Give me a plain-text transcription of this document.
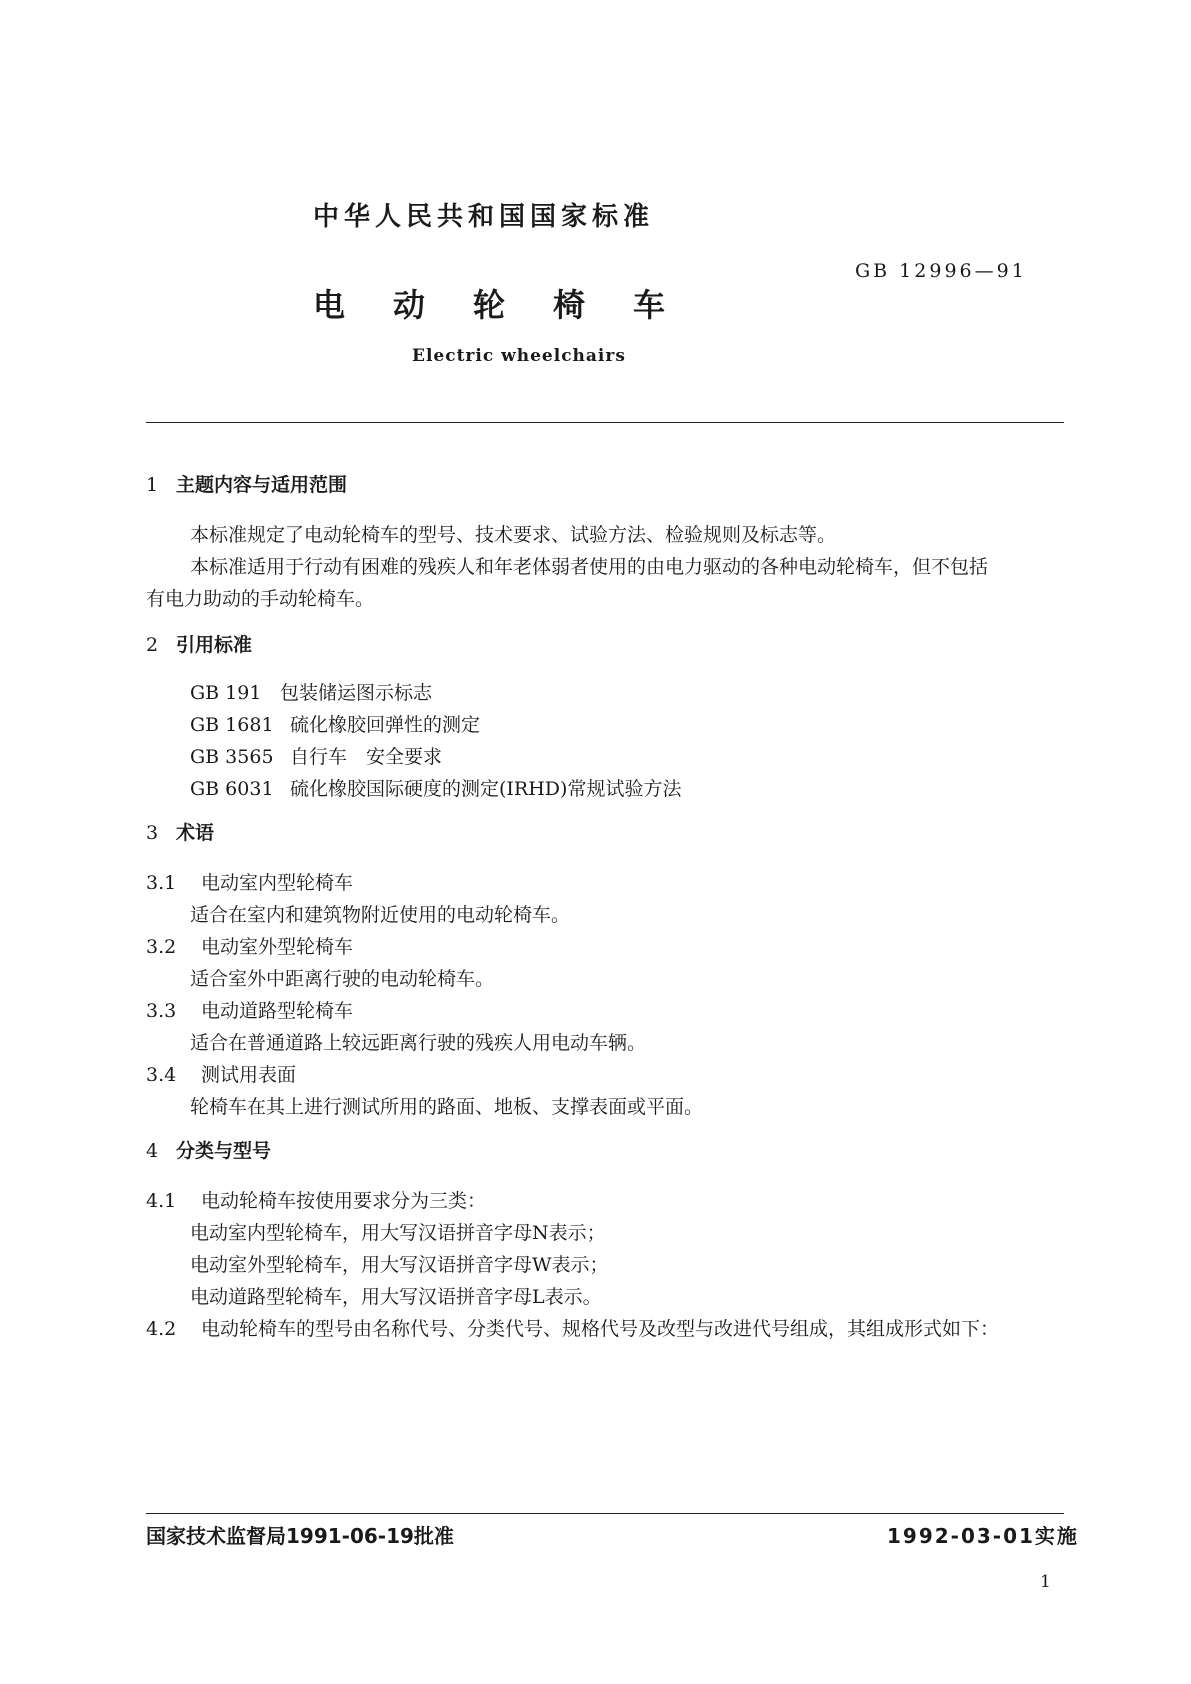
中华人民共和国国家标准
GB 12996—91
电动轮椅车
Electric wheelchairs
1 主题内容与适用范围
本标准规定了电动轮椅车的型号、技术要求、试验方法、检验规则及标志等。
本标准适用于行动有困难的残疾人和年老体弱者使用的由电力驱动的各种电动轮椅车，但不包括
有电力助动的手动轮椅车。
2 引用标准
GB 191 包装储运图示标志
GB 1681 硫化橡胶回弹性的测定
GB 3565 自行车　安全要求
GB 6031 硫化橡胶国际硬度的测定(IRHD)常规试验方法
3 术语
3.1 电动室内型轮椅车
适合在室内和建筑物附近使用的电动轮椅车。
3.2 电动室外型轮椅车
适合室外中距离行驶的电动轮椅车。
3.3 电动道路型轮椅车
适合在普通道路上较远距离行驶的残疾人用电动车辆。
3.4 测试用表面
轮椅车在其上进行测试所用的路面、地板、支撑表面或平面。
4 分类与型号
4.1 电动轮椅车按使用要求分为三类：
电动室内型轮椅车，用大写汉语拼音字母N表示；
电动室外型轮椅车，用大写汉语拼音字母W表示；
电动道路型轮椅车，用大写汉语拼音字母L表示。
4.2 电动轮椅车的型号由名称代号、分类代号、规格代号及改型与改进代号组成，其组成形式如下：
国家技术监督局1991-06-19批准	1992-03-01实施
1
